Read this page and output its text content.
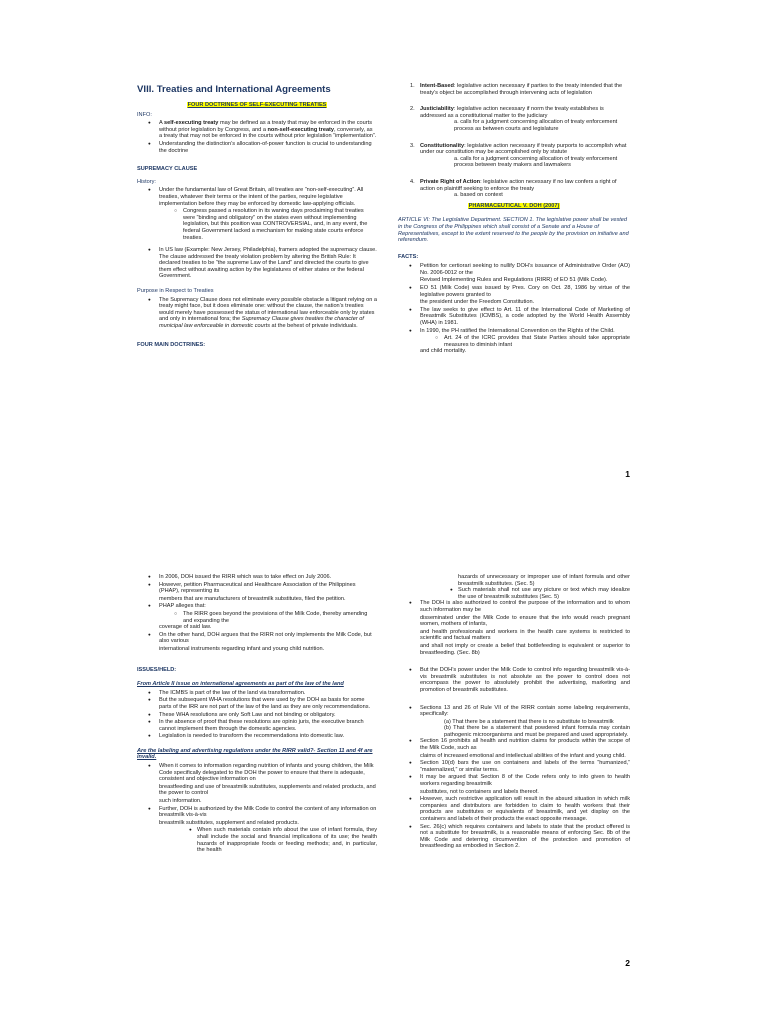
VIII. Treaties and International Agreements
FOUR DOCTRINES OF SELF-EXECUTING TREATIES
INFO:
● A self-executing treaty may be defined as a treaty that may be enforced in the courts without prior legislation by Congress, and a non-self-executing treaty, conversely, as a treaty that may not be enforced in the courts without prior legislation “implementation”.
● Understanding the distinction’s allocation-of-power function is crucial to understanding the doctrine
SUPREMACY CLAUSE
History:
● Under the fundamental law of Great Britain, all treaties are “non-self-executing”. All treaties, whatever their terms or the intent of the parties, require legislative implementation before they may be enforced by domestic law-applying officials.
○ Congress passed a resolution in its waning days proclaiming that treaties were “binding and obligatory” on the states even without implementing legislation, but this position was CONTROVERSIAL, and, in any event, the federal Government lacked a mechanism for making state courts enforce treaties.
● In US law (Example: New Jersey, Philadelphia), framers adopted the supremacy clause. The clause addressed the treaty violation problem by altering the British Rule: It declared treaties to be “the supreme Law of the Land” and directed the courts to give them effect without awaiting action by the legislatures of either states or the federal Government.
Purpose in Respect to Treaties
● The Supremacy Clause does not eliminate every possible obstacle a litigant relying on a treaty might face, but it does eliminate one: without the clause, the nation’s treaties would merely have possessed the status of international law enforceable only by states and only in international fora; the Supremacy Clause gives treaties the character of municipal law enforceable in domestic courts at the behest of private individuals.
FOUR MAIN DOCTRINES:
1. Intent-Based: legislative action necessary if parties to the treaty intended that the treaty’s object be accomplished through intervening acts of legislation
2. Justiciability: legislative action necessary if norm the treaty establishes is addressed as a constitutional matter to the judiciary
a. calls for a judgment concerning allocation of treaty enforcement process as between courts and legislature
3. Constitutionality: legislative action necessary if treaty purports to accomplish what under our constitution may be accomplished only by statute
a. calls for a judgment concerning allocation of treaty enforcement process between treaty makers and lawmakers
4. Private Right of Action: legislative action necessary if no law confers a right of action on plaintiff seeking to enforce the treaty
a. based on context
PHARMACEUTICAL V. DOH (2007)
ARTICLE VI: The Legislative Department. SECTION 1. The legislative power shall be vested in the Congress of the Philippines which shall consist of a Senate and a House of Representatives, except to the extent reserved to the people by the provision on initiative and referendum.
FACTS:
● Petition for certiorari seeking to nullify DOH’s issuance of Administrative Order (AO) No. 2006-0012 or the
Revised Implementing Rules and Regulations (RIRR) of EO 51 (Milk Code).
● EO 51 (Milk Code) was issued by Pres. Cory on Oct. 28, 1986 by virtue of the legislative powers granted to
the president under the Freedom Constitution.
● The law seeks to give effect to Art. 11 of the International Code of Marketing of Breastmilk Substitutes (ICMBS), a code adopted by the World Health Assembly (WHA) in 1981.
● In 1990, the PH ratified the International Convention on the Rights of the Child.
○ Art. 24 of the ICRC provides that State Parties should take appropriate measures to diminish infant
and child mortality.
1
● In 2006, DOH issued the RIRR which was to take effect on July 2006.
● However, petition Pharmaceutical and Healthcare Association of the Philippines (PHAP), representing its
members that are manufacturers of breastmilk substitutes, filed the petition.
● PHAP alleges that:
○ The RIRR goes beyond the provisions of the Milk Code, thereby amending and expanding the
coverage of said law.
● On the other hand, DOH argues that the RIRR not only implements the Milk Code, but also various
international instruments regarding infant and young child nutrition.
ISSUES/HELD:
From Article II issue on international agreements as part of the law of the land
● The ICMBS is part of the law of the land via transformation.
● But the subsequent WHA resolutions that were used by the DOH as basis for some parts of the IRR are not part of the law of the land as they are only recommendations.
● These WHA resolutions are only Soft Law and not binding or obligatory.
● In the absence of proof that these resolutions are opinio juris, the executive branch cannot implement them through the domestic agencies.
● Legislation is needed to transform the recommendations into domestic law.
Are the labeling and advertising regulations under the RIRR valid?- Section 11 and 4f are invalid.
● When it comes to information regarding nutrition of infants and young children, the Milk Code specifically delegated to the DOH the power to ensure that there is adequate, consistent and objective information on
breastfeeding and use of breastmilk substitutes, supplements and related products, and the power to control
such information.
● Further, DOH is authorized by the Milk Code to control the content of any information on breastmilk vis-à-vis
breastmilk substitutes, supplement and related products.
● When such materials contain info about the use of infant formula, they shall include the social and financial implications of its use; the health hazards of inappropriate foods or feeding methods; and, in particular, the health
hazards of unnecessary or improper use of infant formula and other breastmilk substitutes. (Sec. 5)
● Such materials shall not use any picture or text which may idealize the use of breastmilk substitutes (Sec. 5)
● The DOH is also authorized to control the purpose of the information and to whom such information may be
disseminated under the Milk Code to ensure that the info would reach pregnant women, mothers of infants,
and health professionals and workers in the health care systems is restricted to scientific and factual matters
and shall not imply or create a belief that bottlefeeding is equivalent or superior to breastfeeding. (Sec. 8b)
● But the DOH’s power under the Milk Code to control info regarding breastmilk vis-à-vis breastmilk substitutes is not absolute as the power to control does not encompass the power to absolutely prohibit the advertising, marketing and promotion of breastmilk substitutes.
● Sections 13 and 26 of Rule VII of the RIRR contain some labeling requirements, specifically:
(a) That there be a statement that there is no substitute to breastmilk
(b) That there be a statement that powdered infant formula may contain pathogenic microorganisms and must be prepared and used appropriately.
● Section 16 prohibits all health and nutrition claims for products within the scope of the Milk Code, such as
claims of increased emotional and intellectual abilities of the infant and young child.
● Section 10(d) bars the use on containers and labels of the terms “humanized,” “maternalized,” or similar terms.
● It may be argued that Section 8 of the Code refers only to info given to health workers regarding breastmilk
substitutes, not to containers and labels thereof.
● However, such restrictive application will result in the absurd situation in which milk companies and distributors are forbidden to claim to health workers that their products are substitutes or equivalents of breastmilk, and yet display on the containers and labels of their products the exact opposite message.
● Sec. 26(c) which requires containers and labels to state that the product offered is not a substitute for breastmilk, is a reasonable means of enforcing Sec. 8b of the Milk Code and deterring circumvention of the protection and promotion of breastfeeding as embodied in Section 2.
2
